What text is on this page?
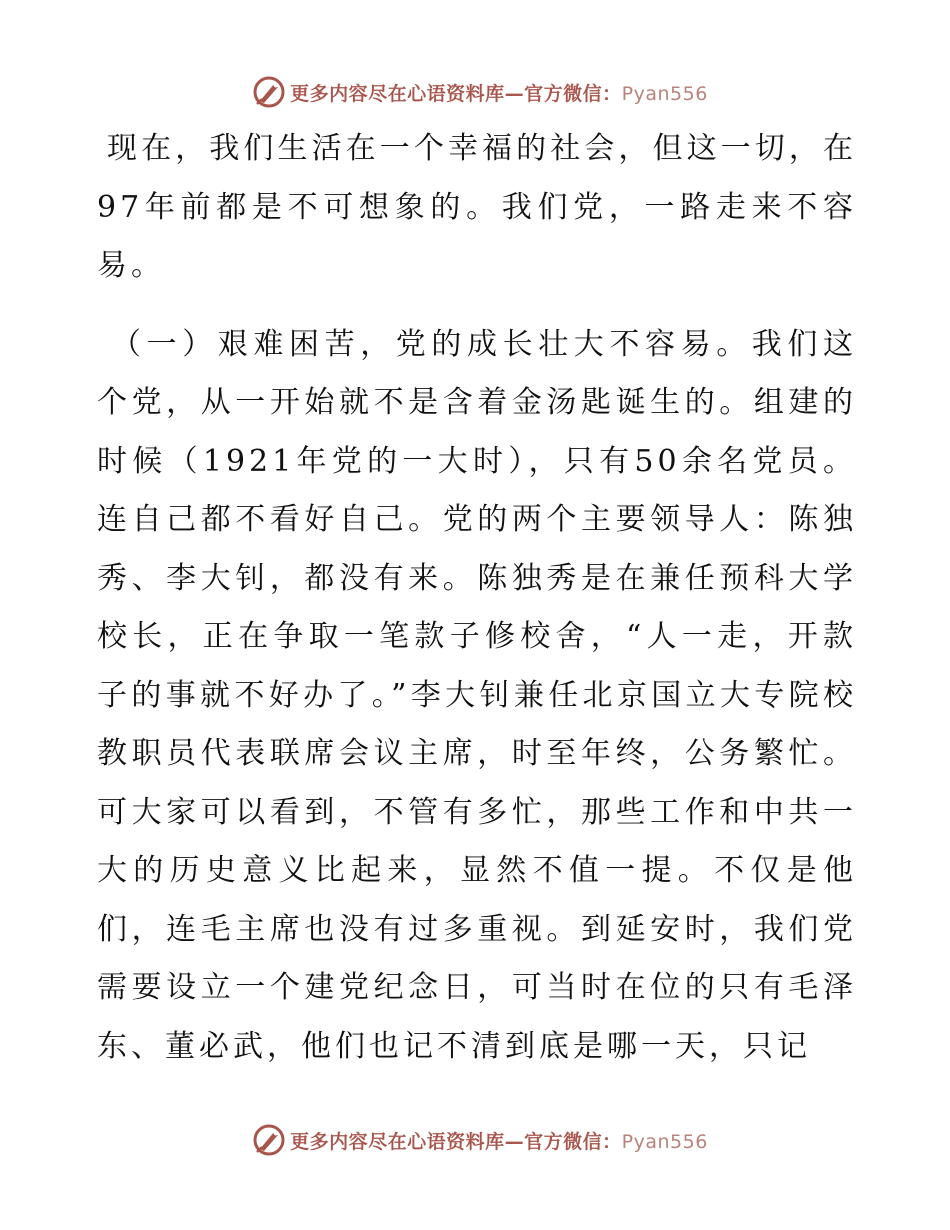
更多内容尽在心语资料库—官方微信：Pyan556

现在，我们生活在一个幸福的社会，但这一切，在97年前都是不可想象的。我们党，一路走来不容易。

（一）艰难困苦，党的成长壮大不容易。我们这个党，从一开始就不是含着金汤匙诞生的。组建的时候（1921年党的一大时），只有50余名党员。连自己都不看好自己。党的两个主要领导人：陈独秀、李大钊，都没有来。陈独秀是在兼任预科大学校长，正在争取一笔款子修校舍，“人一走，开款子的事就不好办了。”李大钊兼任北京国立大专院校教职员代表联席会议主席，时至年终，公务繁忙。可大家可以看到，不管有多忙，那些工作和中共一大的历史意义比起来，显然不值一提。不仅是他们，连毛主席也没有过多重视。到延安时，我们党需要设立一个建党纪念日，可当时在位的只有毛泽东、董必武，他们也记不清到底是哪一天，只记

更多内容尽在心语资料库—官方微信：Pyan556
